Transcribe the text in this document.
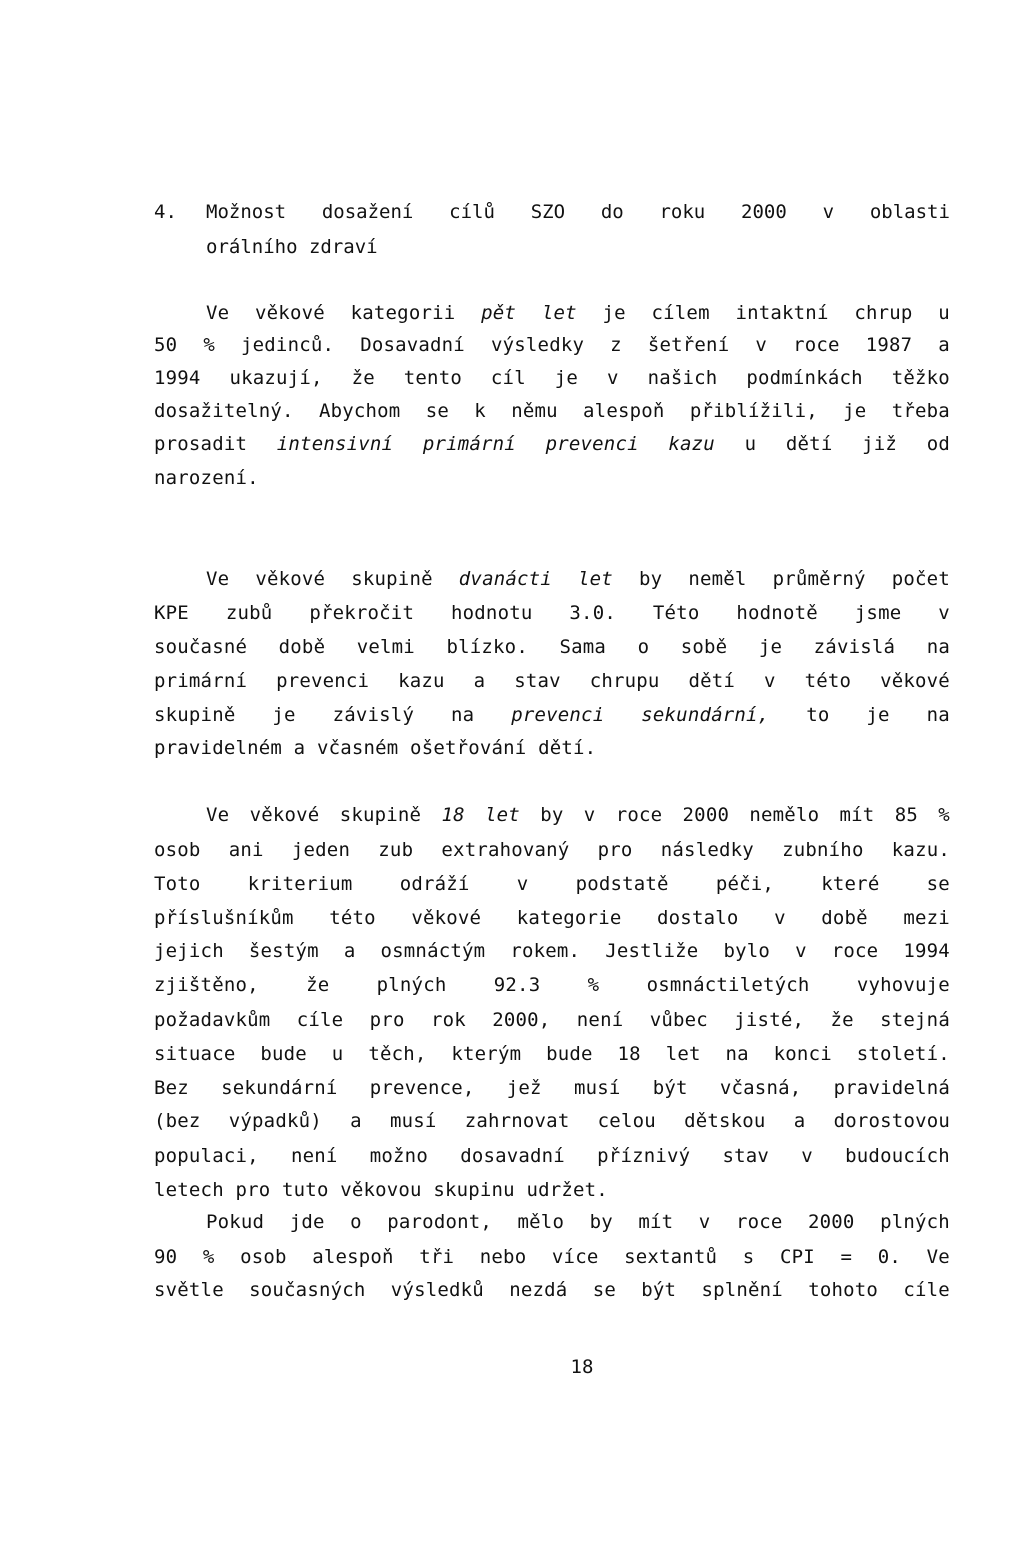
4. Možnost dosažení cílů SZO do roku 2000 v oblasti
orálního zdraví
Ve věkové kategorii pět let je cílem intaktní chrup u
50 % jedinců. Dosavadní výsledky z šetření v roce 1987 a
1994 ukazují, že tento cíl je v našich podmínkách těžko
dosažitelný. Abychom se k němu alespoň přiblížili, je třeba
prosadit intensivní primární prevenci kazu u dětí již od
narození.
Ve věkové skupině dvanácti let by neměl průměrný počet
KPE zubů překročit hodnotu 3.0. Této hodnotě jsme v
současné době velmi blízko. Sama o sobě je závislá na
primární prevenci kazu a stav chrupu dětí v této věkové
skupině je závislý na prevenci sekundární, to je na
pravidelném a včasném ošetřování dětí.
Ve věkové skupině 18 let by v roce 2000 nemělo mít 85 %
osob ani jeden zub extrahovaný pro následky zubního kazu.
Toto kriterium odráží v podstatě péči, které se
příslušníkům této věkové kategorie dostalo v době mezi
jejich šestým a osmnáctým rokem. Jestliže bylo v roce 1994
zjištěno, že plných 92.3 % osmnáctiletých vyhovuje
požadavkům cíle pro rok 2000, není vůbec jisté, že stejná
situace bude u těch, kterým bude 18 let na konci století.
Bez sekundární prevence, jež musí být včasná, pravidelná
(bez výpadků) a musí zahrnovat celou dětskou a dorostovou
populaci, není možno dosavadní příznivý stav v budoucích
letech pro tuto věkovou skupinu udržet.
Pokud jde o parodont, mělo by mít v roce 2000 plných
90 % osob alespoň tři nebo více sextantů s CPI = 0. Ve
světle současných výsledků nezdá se být splnění tohoto cíle
18
